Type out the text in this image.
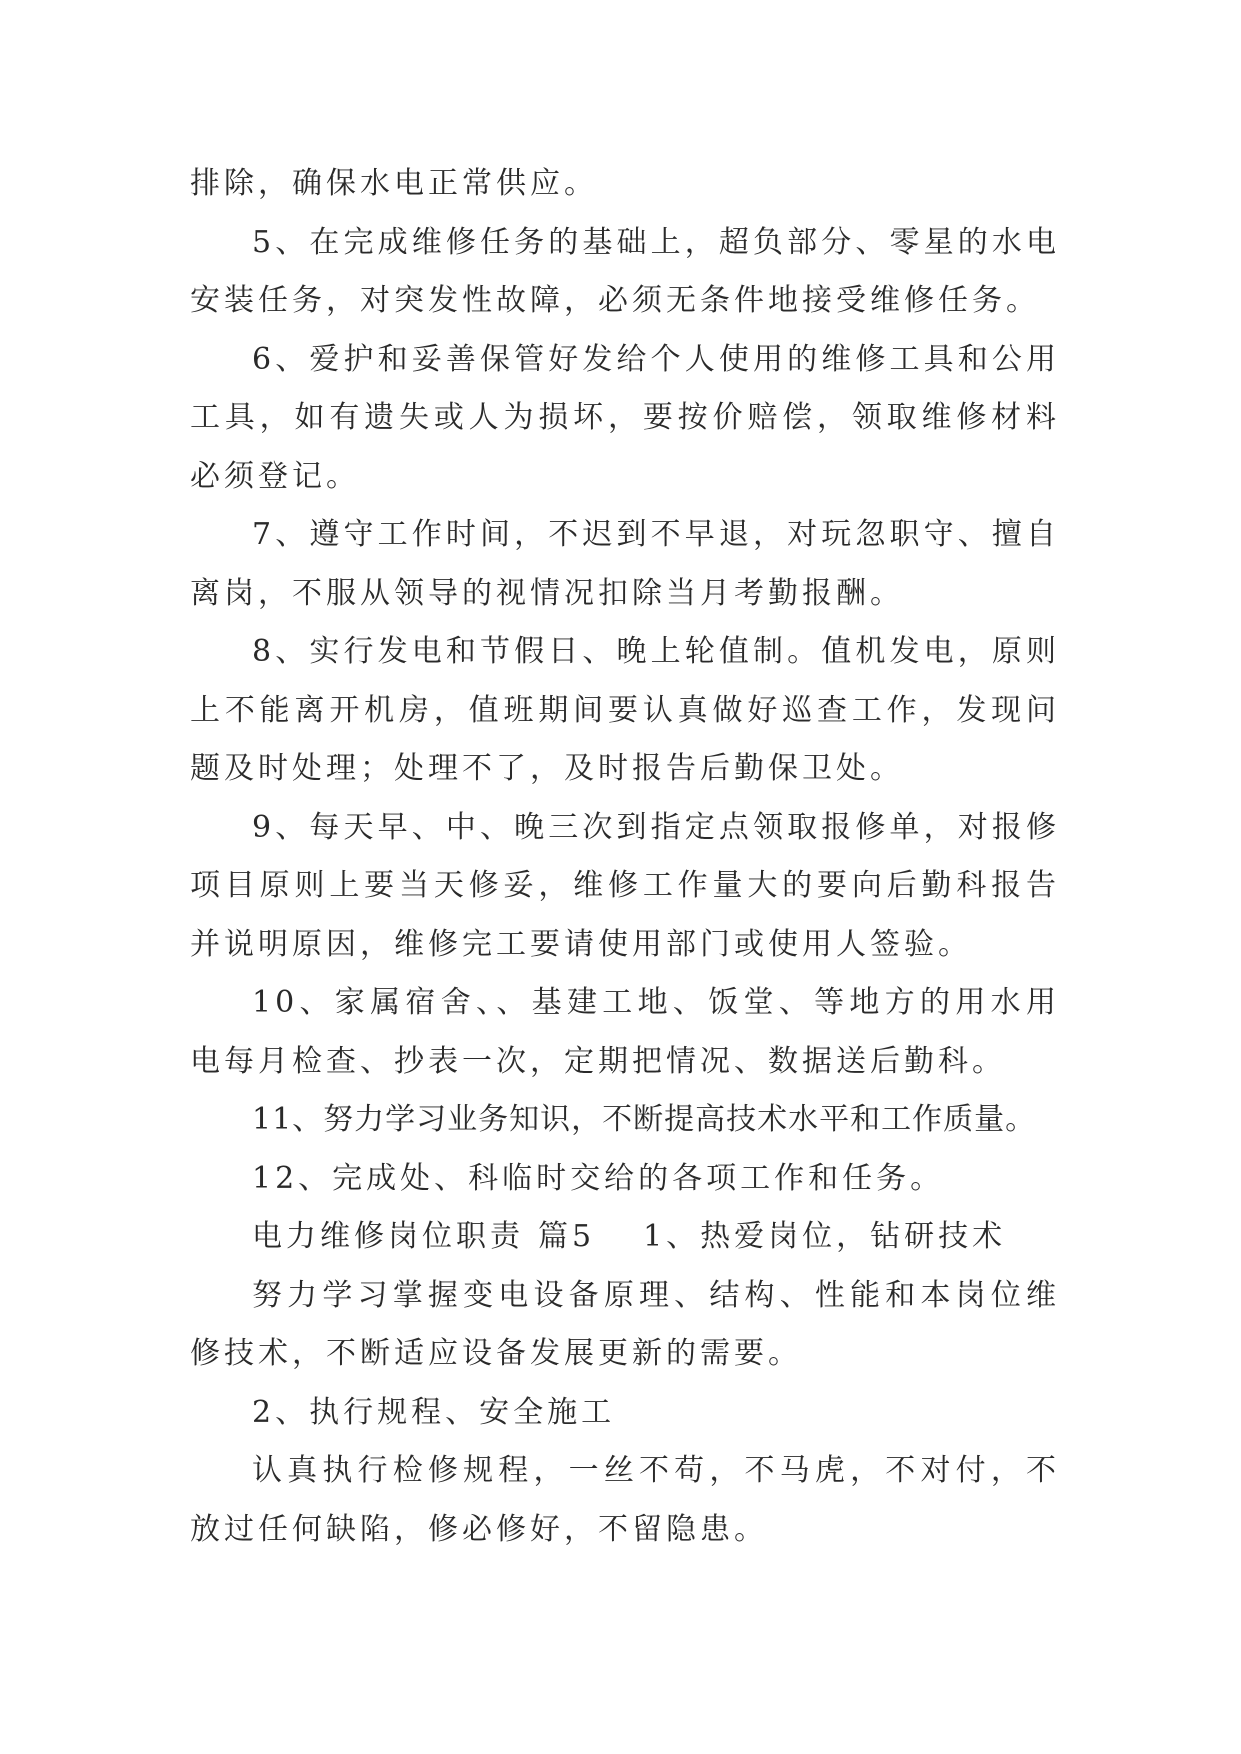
排除，确保水电正常供应。

5、在完成维修任务的基础上，超负部分、零星的水电安装任务，对突发性故障，必须无条件地接受维修任务。

6、爱护和妥善保管好发给个人使用的维修工具和公用工具，如有遗失或人为损坏，要按价赔偿，领取维修材料必须登记。

7、遵守工作时间，不迟到不早退，对玩忽职守、擅自离岗，不服从领导的视情况扣除当月考勤报酬。

8、实行发电和节假日、晚上轮值制。值机发电，原则上不能离开机房，值班期间要认真做好巡查工作，发现问题及时处理；处理不了，及时报告后勤保卫处。

9、每天早、中、晚三次到指定点领取报修单，对报修项目原则上要当天修妥，维修工作量大的要向后勤科报告并说明原因，维修完工要请使用部门或使用人签验。

10、家属宿舍、、基建工地、饭堂、等地方的用水用电每月检查、抄表一次，定期把情况、数据送后勤科。

11、努力学习业务知识，不断提高技术水平和工作质量。

12、完成处、科临时交给的各项工作和任务。

电力维修岗位职责 篇5 1、热爱岗位，钻研技术

努力学习掌握变电设备原理、结构、性能和本岗位维修技术，不断适应设备发展更新的需要。

2、执行规程、安全施工

认真执行检修规程，一丝不苟，不马虎，不对付，不放过任何缺陷，修必修好，不留隐患。
